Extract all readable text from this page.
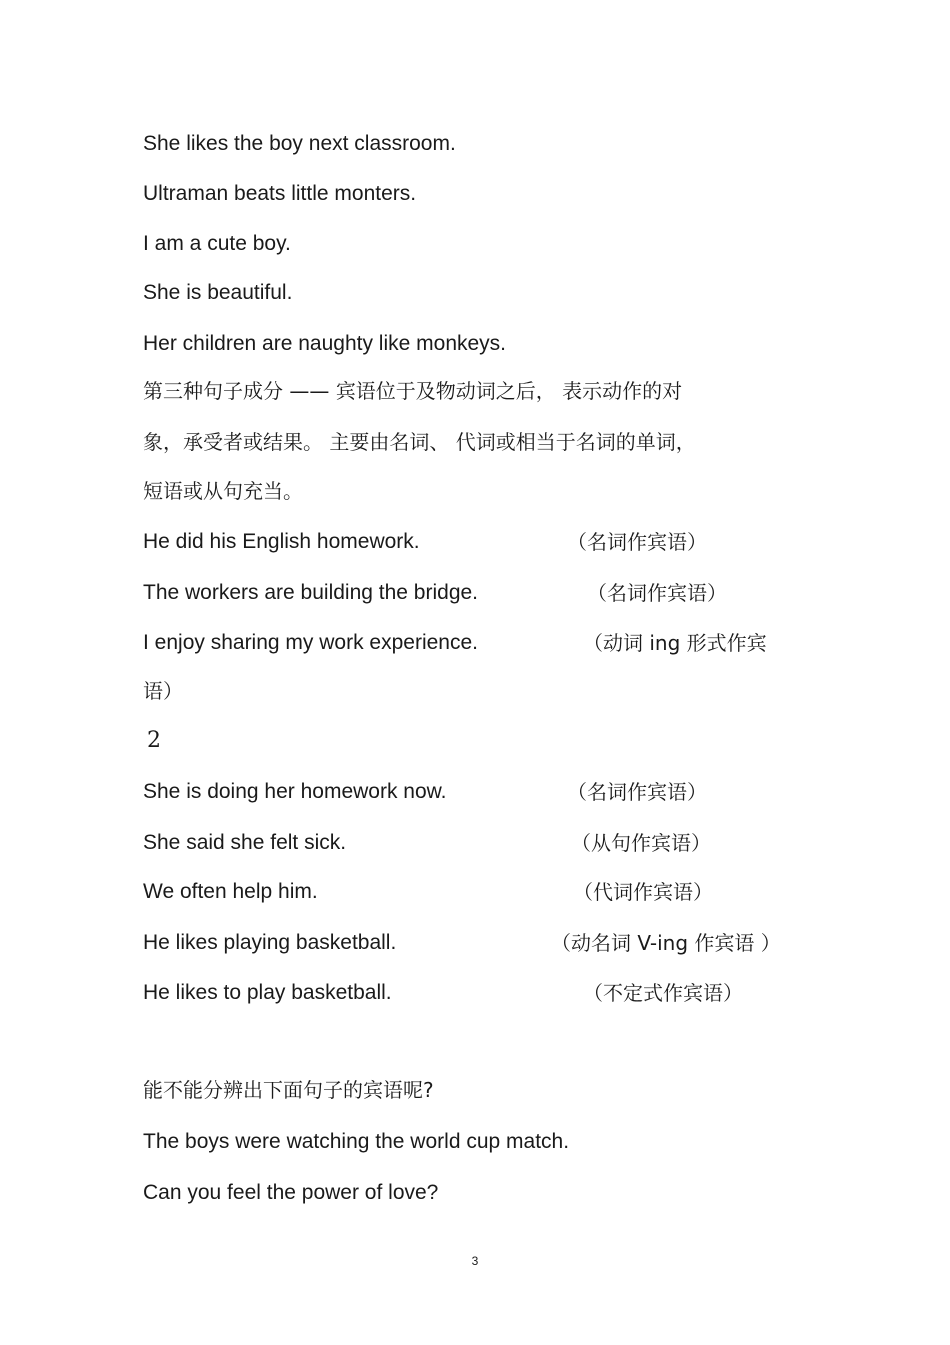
She likes the boy next classroom.
Ultraman beats little monters.
I am a cute boy.
She is beautiful.
Her children are naughty like monkeys.
第三种句子成分 —— 宾语位于及物动词之后， 表示动作的对
象，承受者或结果。 主要由名词、 代词或相当于名词的单词，
短语或从句充当。
He did his English homework.	（名词作宾语）
The workers are building the bridge.	（名词作宾语）
I enjoy sharing my work experience.	（动词 ing 形式作宾
语）
2
She is doing her homework now.	（名词作宾语）
She said she felt sick.	（从句作宾语）
We often help him.	（代词作宾语）
He likes playing basketball.	（动名词 V-ing 作宾语 ）
He likes to play basketball.	（不定式作宾语）
能不能分辨出下面句子的宾语呢?
The boys were watching the world cup match.
Can you feel the power of love?
3
